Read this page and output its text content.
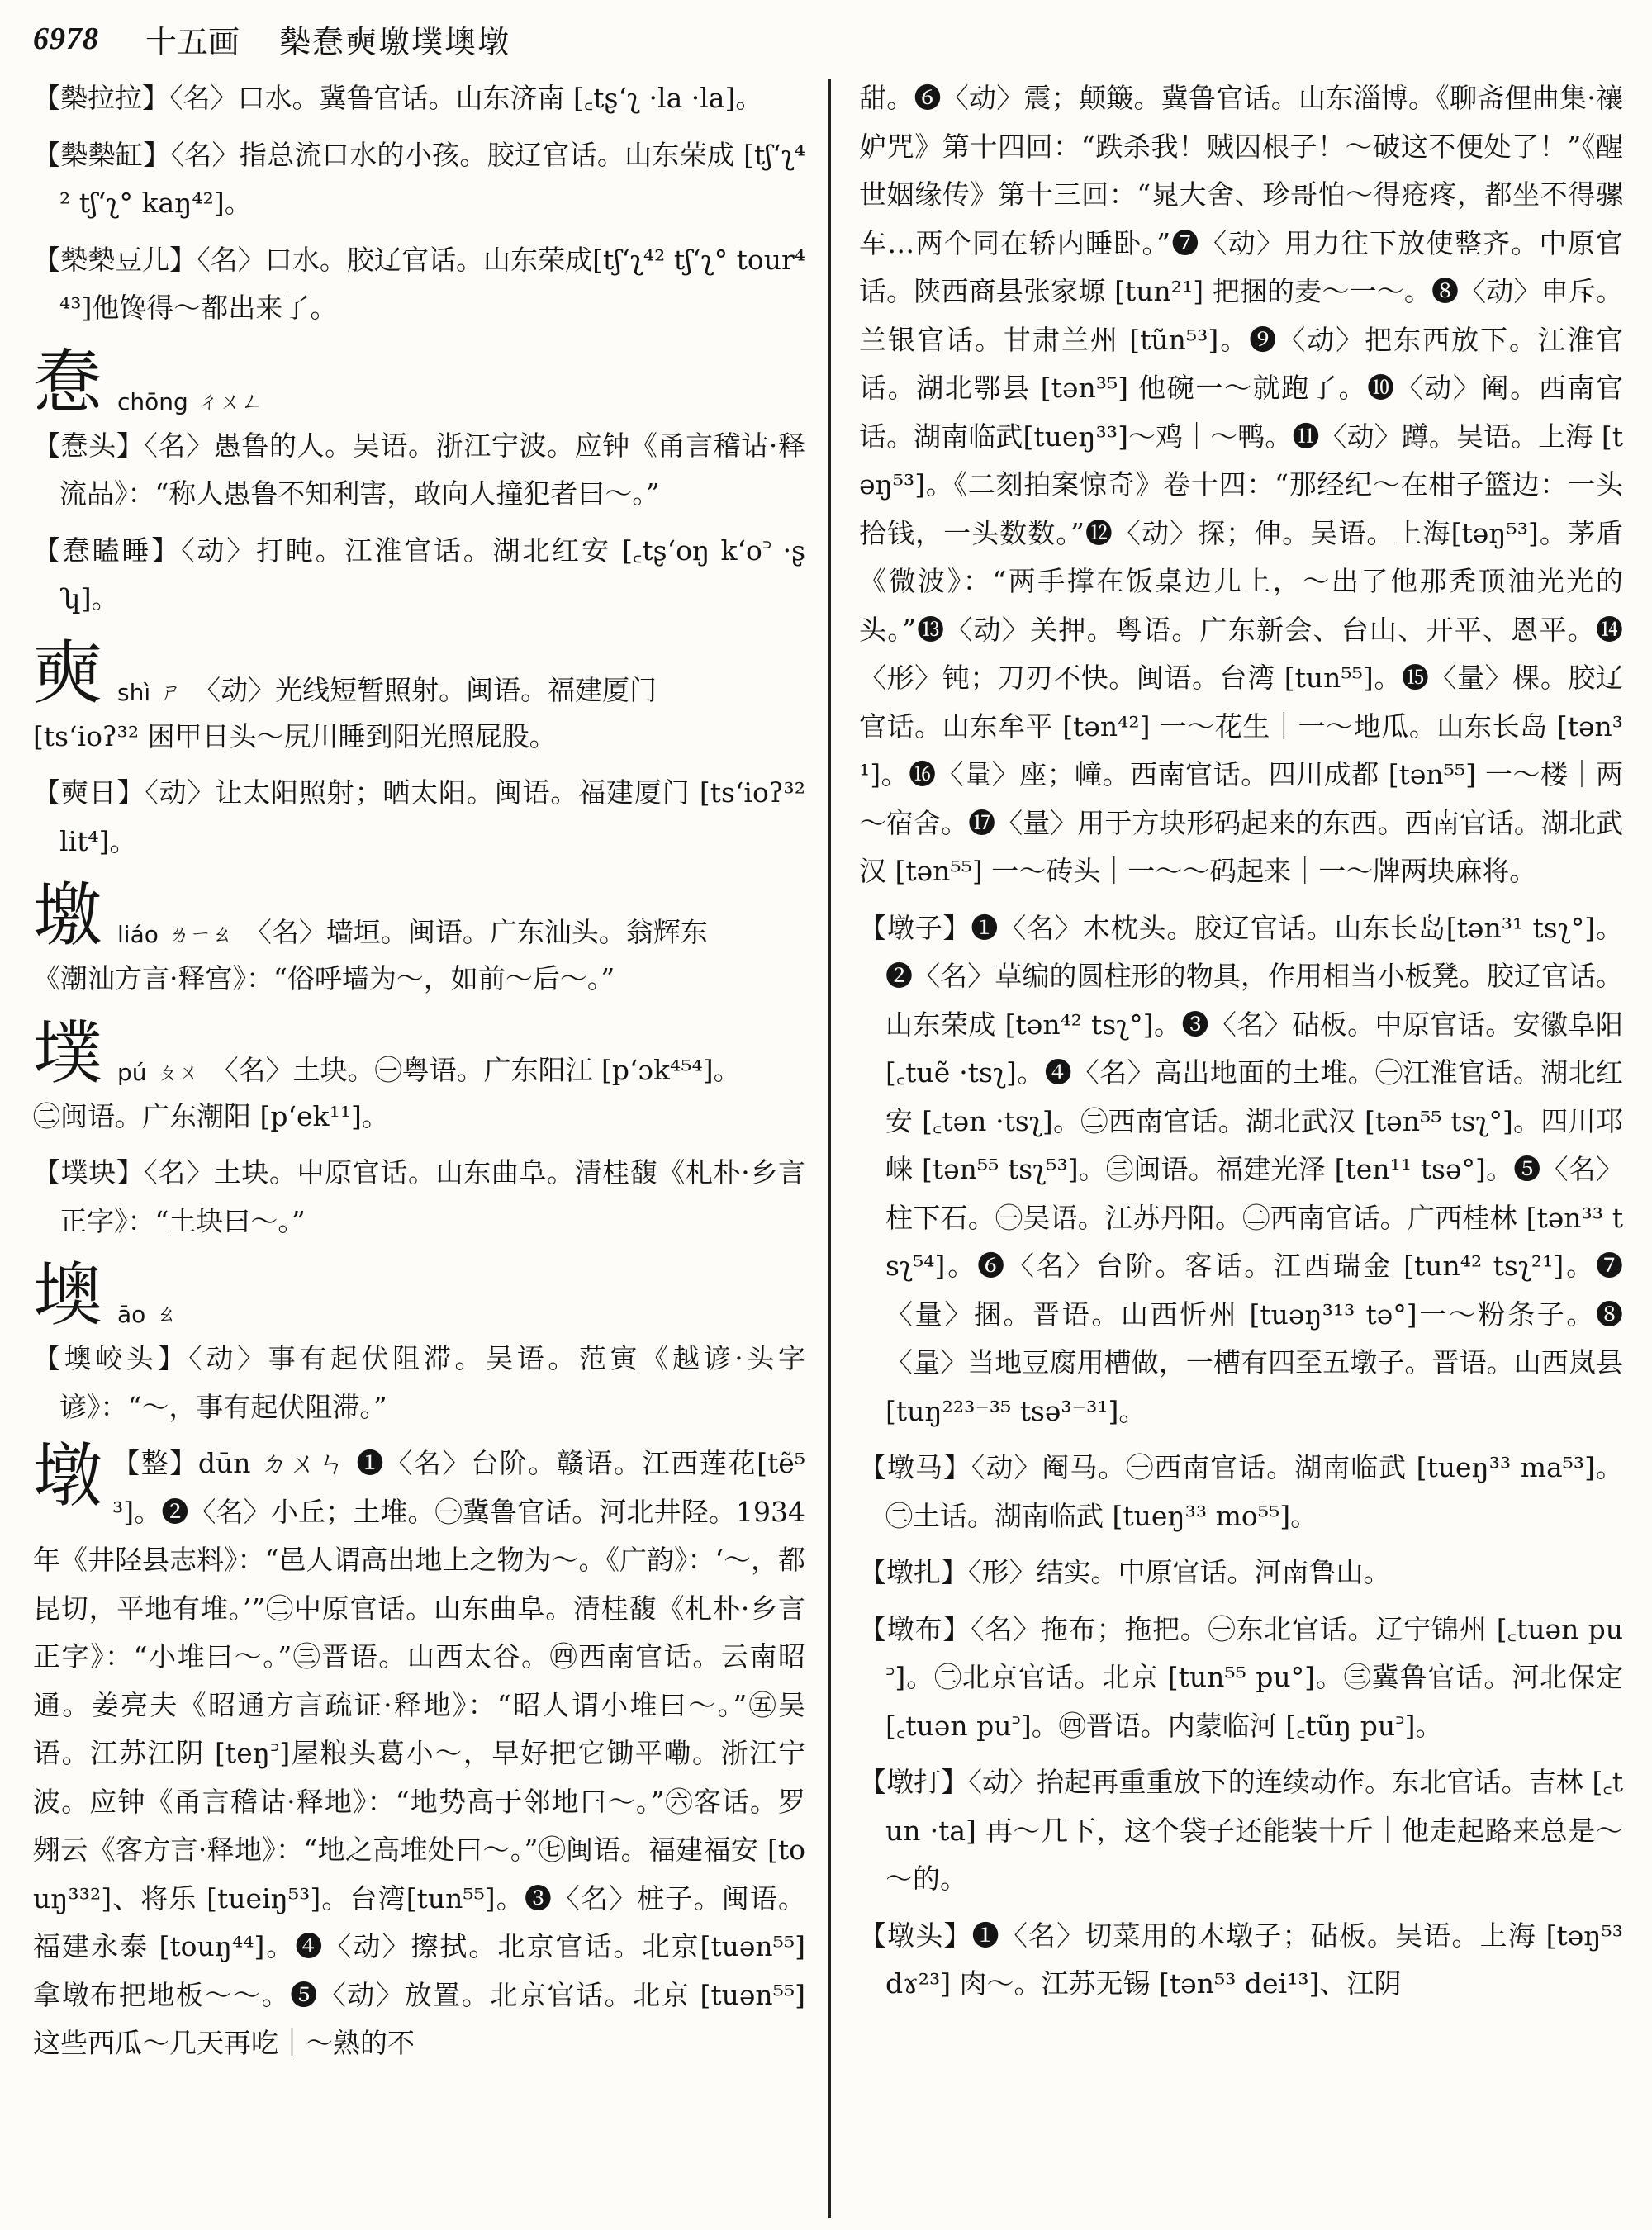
6978 十五画 槷惷奭墽墣墺墩

【槷拉拉】〈名〉口水。冀鲁官话。山东济南 [꜀tʂʻʅ ·la ·la]。

【槷槷缸】〈名〉指总流口水的小孩。胶辽官话。山东荣成 [tʃʻʅ⁴² tʃʻʅ° kaŋ⁴²]。

【槷槷豆儿】〈名〉口水。胶辽官话。山东荣成[tʃʻʅ⁴² tʃʻʅ° tour⁴⁴³]他馋得～都出来了。

惷 chōng ㄔㄨㄥ

【惷头】〈名〉愚鲁的人。吴语。浙江宁波。应钟《甬言稽诂·释流品》：“称人愚鲁不知利害，敢向人撞犯者曰～。”

【惷瞌睡】〈动〉打盹。江淮官话。湖北红安 [꜀tʂʻoŋ kʻo꜄ ·ʂʮ]。

奭 shì ㄕ 〈动〉光线短暂照射。闽语。福建厦门

[tsʻioʔ³² 困甲日头～尻川睡到阳光照屁股。

【奭日】〈动〉让太阳照射；晒太阳。闽语。福建厦门 [tsʻioʔ³² lit⁴]。

墽 liáo ㄌㄧㄠ 〈名〉墙垣。闽语。广东汕头。翁辉东

《潮汕方言·释宫》：“俗呼墙为～，如前～后～。”

墣 pú ㄆㄨ 〈名〉土块。㊀粤语。广东阳江 [pʻɔk⁴⁵⁴]。

㊁闽语。广东潮阳 [pʻek¹¹]。

【墣块】〈名〉土块。中原官话。山东曲阜。清桂馥《札朴·乡言正字》：“土块曰～。”

墺 āo ㄠ

【墺峧头】〈动〉事有起伏阻滞。吴语。范寅《越谚·头字谚》：“～，事有起伏阻滞。”

墩 【整】dūn ㄉㄨㄣ ❶〈名〉台阶。赣语。江西莲花[tẽ⁵³]。❷〈名〉小丘；土堆。㊀冀鲁官话。河北井陉。1934年《井陉县志料》：“邑人谓高出地上之物为～。《广韵》：‘～，都昆切，平地有堆。’”㊁中原官话。山东曲阜。清桂馥《札朴·乡言正字》：“小堆曰～。”㊂晋语。山西太谷。㊃西南官话。云南昭通。姜亮夫《昭通方言疏证·释地》：“昭人谓小堆曰～。”㊄吴语。江苏江阴 [teŋ꜄]屋粮头葛小～，早好把它锄平嘞。浙江宁波。应钟《甬言稽诂·释地》：“地势高于邻地曰～。”㊅客话。罗翙云《客方言·释地》：“地之高堆处曰～。”㊆闽语。福建福安 [touŋ³³²]、将乐 [tueiŋ⁵³]。台湾[tun⁵⁵]。❸〈名〉桩子。闽语。福建永泰 [touŋ⁴⁴]。❹〈动〉擦拭。北京官话。北京[tuən⁵⁵] 拿墩布把地板～～。❺〈动〉放置。北京官话。北京 [tuən⁵⁵] 这些西瓜～几天再吃｜～熟的不

甜。❻〈动〉震；颠簸。冀鲁官话。山东淄博。《聊斋俚曲集·禳妒咒》第十四回：“跌杀我！贼囚根子！～破这不便处了！”《醒世姻缘传》第十三回：“晁大舍、珍哥怕～得疮疼，都坐不得骡车…两个同在轿内睡卧。”❼〈动〉用力往下放使整齐。中原官话。陕西商县张家塬 [tun²¹] 把捆的麦～一～。❽〈动〉申斥。兰银官话。甘肃兰州 [tũn⁵³]。❾〈动〉把东西放下。江淮官话。湖北鄂县 [tən³⁵] 他碗一～就跑了。❿〈动〉阉。西南官话。湖南临武[tueŋ³³]～鸡｜～鸭。⓫〈动〉蹲。吴语。上海 [təŋ⁵³]。《二刻拍案惊奇》卷十四：“那经纪～在柑子篮边：一头拾钱，一头数数。”⓬〈动〉探；伸。吴语。上海[təŋ⁵³]。茅盾《微波》：“两手撑在饭桌边儿上，～出了他那秃顶油光光的头。”⓭〈动〉关押。粤语。广东新会、台山、开平、恩平。⓮〈形〉钝；刀刃不快。闽语。台湾 [tun⁵⁵]。⓯〈量〉棵。胶辽官话。山东牟平 [tən⁴²] 一～花生｜一～地瓜。山东长岛 [tən³¹]。⓰〈量〉座；幢。西南官话。四川成都 [tən⁵⁵] 一～楼｜两～宿舍。⓱〈量〉用于方块形码起来的东西。西南官话。湖北武汉 [tən⁵⁵] 一～砖头｜一～～码起来｜一～牌两块麻将。

【墩子】❶〈名〉木枕头。胶辽官话。山东长岛[tən³¹ tsʅ°]。❷〈名〉草编的圆柱形的物具，作用相当小板凳。胶辽官话。山东荣成 [tən⁴² tsʅ°]。❸〈名〉砧板。中原官话。安徽阜阳[꜀tuẽ ·tsʅ]。❹〈名〉高出地面的土堆。㊀江淮官话。湖北红安 [꜀tən ·tsʅ]。㊁西南官话。湖北武汉 [tən⁵⁵ tsʅ°]。四川邛崃 [tən⁵⁵ tsʅ⁵³]。㊂闽语。福建光泽 [ten¹¹ tsə°]。❺〈名〉柱下石。㊀吴语。江苏丹阳。㊁西南官话。广西桂林 [tən³³ tsʅ⁵⁴]。❻〈名〉台阶。客话。江西瑞金 [tun⁴² tsʅ²¹]。❼〈量〉捆。晋语。山西忻州 [tuəŋ³¹³ tə°]一～粉条子。❽〈量〉当地豆腐用槽做，一槽有四至五墩子。晋语。山西岚县[tuŋ²²³⁻³⁵ tsə³⁻³¹]。

【墩马】〈动〉阉马。㊀西南官话。湖南临武 [tueŋ³³ ma⁵³]。㊁土话。湖南临武 [tueŋ³³ mo⁵⁵]。

【墩扎】〈形〉结实。中原官话。河南鲁山。

【墩布】〈名〉拖布；拖把。㊀东北官话。辽宁锦州 [꜀tuən pu꜄]。㊁北京官话。北京 [tun⁵⁵ pu°]。㊂冀鲁官话。河北保定 [꜀tuən pu꜄]。㊃晋语。内蒙临河 [꜀tũŋ pu꜄]。

【墩打】〈动〉抬起再重重放下的连续动作。东北官话。吉林 [꜀tun ·ta] 再～几下，这个袋子还能装十斤｜他走起路来总是～～的。

【墩头】❶〈名〉切菜用的木墩子；砧板。吴语。上海 [təŋ⁵³ dɤ²³] 肉～。江苏无锡 [tən⁵³ dei¹³]、江阴
